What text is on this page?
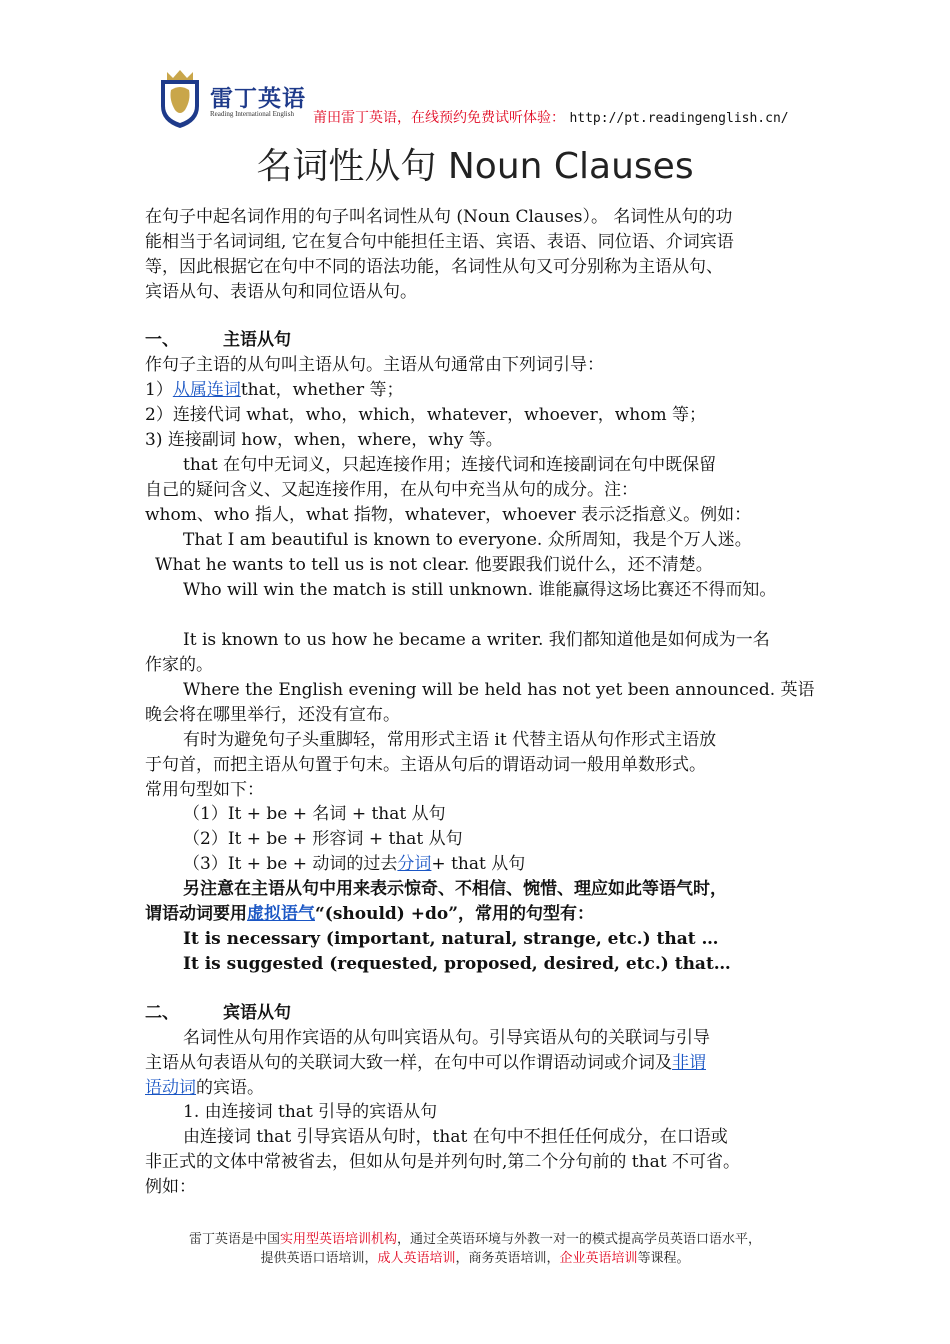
雷丁英语
Reading International English 莆田雷丁英语，在线预约免费试听体验： http://pt.readingenglish.cn/
名词性从句 Noun Clauses
在句子中起名词作用的句子叫名词性从句 (Noun Clauses）。 名词性从句的功
能相当于名词词组, 它在复合句中能担任主语、宾语、表语、同位语、介词宾语
等，因此根据它在句中不同的语法功能，名词性从句又可分别称为主语从句、
宾语从句、表语从句和同位语从句。
一、	主语从句
作句子主语的从句叫主语从句。主语从句通常由下列词引导：
1）从属连词that，whether 等；
2）连接代词 what，who，which，whatever，whoever，whom 等；
3) 连接副词 how，when，where，why 等。
that 在句中无词义，只起连接作用；连接代词和连接副词在句中既保留
自己的疑问含义、又起连接作用，在从句中充当从句的成分。注：
whom、who 指人，what 指物，whatever，whoever 表示泛指意义。例如：
That I am beautiful is known to everyone. 众所周知，我是个万人迷。
What he wants to tell us is not clear. 他要跟我们说什么，还不清楚。
Who will win the match is still unknown. 谁能赢得这场比赛还不得而知。
It is known to us how he became a writer. 我们都知道他是如何成为一名
作家的。
Where the English evening will be held has not yet been announced. 英语
晚会将在哪里举行，还没有宣布。
有时为避免句子头重脚轻，常用形式主语 it 代替主语从句作形式主语放
于句首，而把主语从句置于句末。主语从句后的谓语动词一般用单数形式。
常用句型如下：
（1）It + be + 名词 + that 从句
（2）It + be + 形容词 + that 从句
（3）It + be + 动词的过去分词+ that 从句
另注意在主语从句中用来表示惊奇、不相信、惋惜、理应如此等语气时，
谓语动词要用虚拟语气“(should) +do”，常用的句型有：
It is necessary (important, natural, strange, etc.) that …
It is suggested (requested, proposed, desired, etc.) that…
二、	宾语从句
名词性从句用作宾语的从句叫宾语从句。引导宾语从句的关联词与引导
主语从句表语从句的关联词大致一样，在句中可以作谓语动词或介词及非谓
语动词的宾语。
1. 由连接词 that 引导的宾语从句
由连接词 that 引导宾语从句时，that 在句中不担任任何成分，在口语或
非正式的文体中常被省去，但如从句是并列句时,第二个分句前的 that 不可省。
例如：
雷丁英语是中国实用型英语培训机构，通过全英语环境与外教一对一的模式提高学员英语口语水平，
提供英语口语培训，成人英语培训，商务英语培训，企业英语培训等课程。
